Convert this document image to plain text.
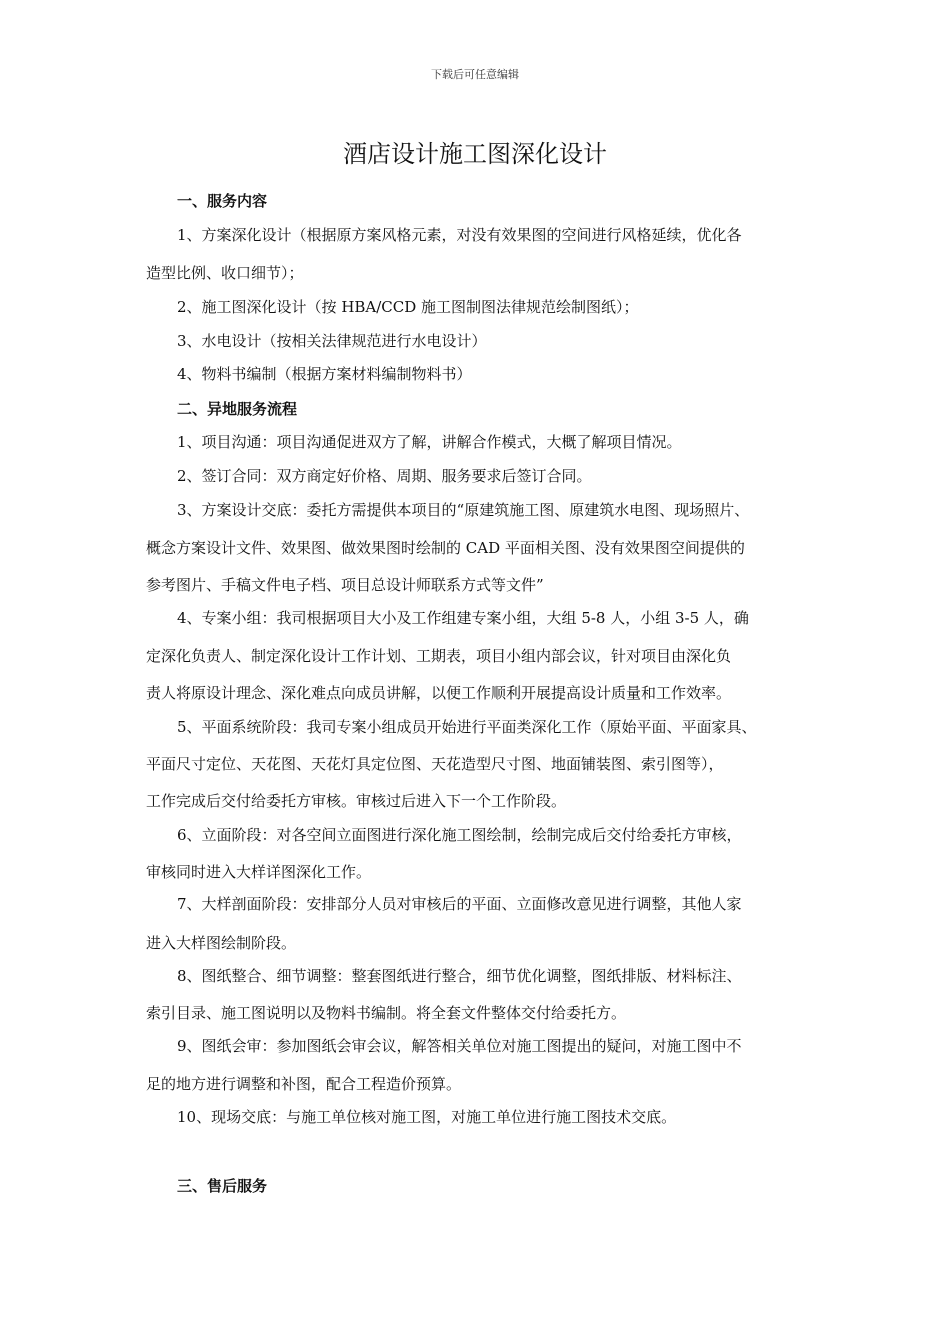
下载后可任意编辑
酒店设计施工图深化设计
一、服务内容
1、方案深化设计（根据原方案风格元素，对没有效果图的空间进行风格延续，优化各
造型比例、收口细节）；
2、施工图深化设计（按 HBA/CCD 施工图制图法律规范绘制图纸）；
3、水电设计（按相关法律规范进行水电设计）
4、物料书编制（根据方案材料编制物料书）
二、异地服务流程
1、项目沟通：项目沟通促进双方了解，讲解合作模式，大概了解项目情况。
2、签订合同：双方商定好价格、周期、服务要求后签订合同。
3、方案设计交底：委托方需提供本项目的“原建筑施工图、原建筑水电图、现场照片、
概念方案设计文件、效果图、做效果图时绘制的 CAD 平面相关图、没有效果图空间提供的
参考图片、手稿文件电子档、项目总设计师联系方式等文件”
4、专案小组：我司根据项目大小及工作组建专案小组，大组 5-8 人，小组 3-5 人，确
定深化负责人、制定深化设计工作计划、工期表，项目小组内部会议，针对项目由深化负
责人将原设计理念、深化难点向成员讲解，以便工作顺利开展提高设计质量和工作效率。
5、平面系统阶段：我司专案小组成员开始进行平面类深化工作（原始平面、平面家具、
平面尺寸定位、天花图、天花灯具定位图、天花造型尺寸图、地面铺装图、索引图等），
工作完成后交付给委托方审核。审核过后进入下一个工作阶段。
6、立面阶段：对各空间立面图进行深化施工图绘制，绘制完成后交付给委托方审核，
审核同时进入大样详图深化工作。
7、大样剖面阶段：安排部分人员对审核后的平面、立面修改意见进行调整，其他人家
进入大样图绘制阶段。
8、图纸整合、细节调整：整套图纸进行整合，细节优化调整，图纸排版、材料标注、
索引目录、施工图说明以及物料书编制。将全套文件整体交付给委托方。
9、图纸会审：参加图纸会审会议，解答相关单位对施工图提出的疑问，对施工图中不
足的地方进行调整和补图，配合工程造价预算。
10、现场交底：与施工单位核对施工图，对施工单位进行施工图技术交底。
三、售后服务
